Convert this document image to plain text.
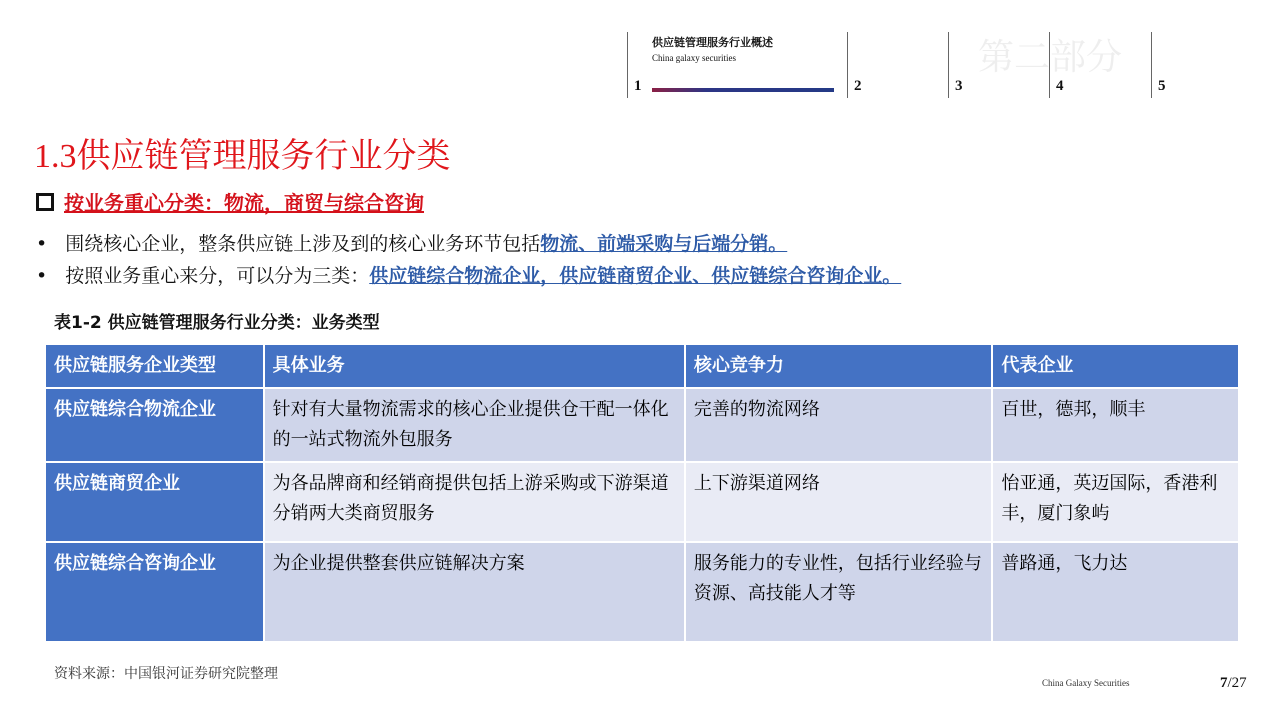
供应链管理服务行业概述
China galaxy securities	第二部分
1	2	3	4	5
1.3供应链管理服务行业分类
按业务重心分类：物流，商贸与综合咨询
• 围绕核心企业，整条供应链上涉及到的核心业务环节包括物流、前端采购与后端分销。
• 按照业务重心来分，可以分为三类：供应链综合物流企业，供应链商贸企业、供应链综合咨询企业。
表1-2 供应链管理服务行业分类：业务类型
供应链服务企业类型	具体业务	核心竞争力	代表企业
供应链综合物流企业	针对有大量物流需求的核心企业提供仓干配一体化的一站式物流外包服务	完善的物流网络	百世，德邦，顺丰
供应链商贸企业	为各品牌商和经销商提供包括上游采购或下游渠道分销两大类商贸服务	上下游渠道网络	怡亚通，英迈国际，香港利丰，厦门象屿
供应链综合咨询企业	为企业提供整套供应链解决方案	服务能力的专业性，包括行业经验与资源、高技能人才等	普路通，飞力达
资料来源：中国银河证券研究院整理
China Galaxy Securities	7/27
